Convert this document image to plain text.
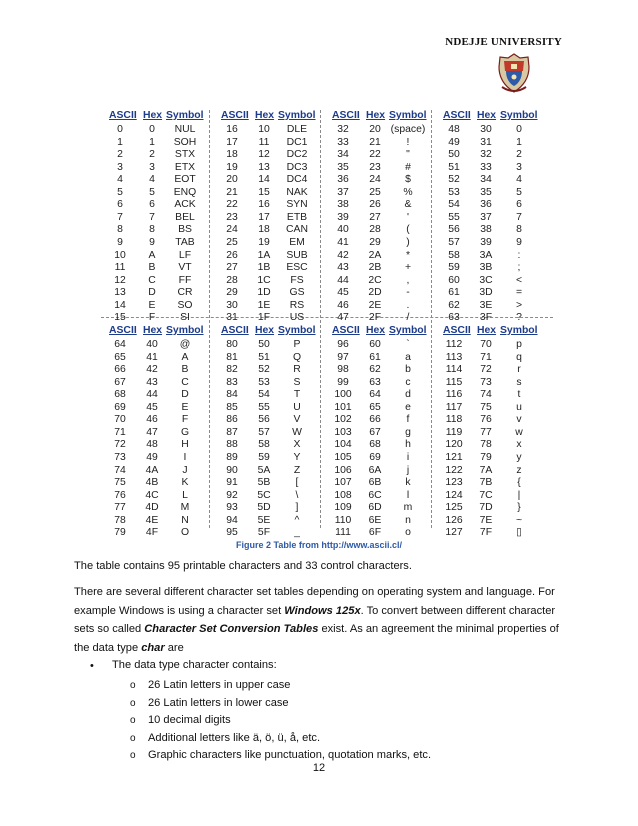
NDEJJE UNIVERSITY
ASCII Hex Symbol
0	0	NUL
1	1	SOH
2	2	STX
3	3	ETX
4	4	EOT
5	5	ENQ
6	6	ACK
7	7	BEL
8	8	BS
9	9	TAB
10	A	LF
11	B	VT
12	C	FF
13	D	CR
14	E	SO
15	F	SI
ASCII Hex Symbol
16	10	DLE
17	11	DC1
18	12	DC2
19	13	DC3
20	14	DC4
21	15	NAK
22	16	SYN
23	17	ETB
24	18	CAN
25	19	EM
26	1A	SUB
27	1B	ESC
28	1C	FS
29	1D	GS
30	1E	RS
31	1F	US
ASCII Hex Symbol
32	20 (space)
33	21	!
34	22	"
35	23	#
36	24	$
37	25	%
38	26	&
39	27	'
40	28	(
41	29	)
42	2A	*
43	2B	+
44	2C	,
45	2D	-
46	2E	.
47	2F	/
ASCII Hex Symbol
48	30	0
49	31	1
50	32	2
51	33	3
52	34	4
53	35	5
54	36	6
55	37	7
56	38	8
57	39	9
58	3A	:
59	3B	;
60	3C	<
61	3D	=
62	3E	>
63	3F	?
ASCII Hex Symbol
64	40	@
65	41	A
66	42	B
67	43	C
68	44	D
69	45	E
70	46	F
71	47	G
72	48	H
73	49	I
74	4A	J
75	4B	K
76	4C	L
77	4D	M
78	4E	N
79	4F	O
ASCII Hex Symbol
80	50	P
81	51	Q
82	52	R
83	53	S
84	54	T
85	55	U
86	56	V
87	57	W
88	58	X
89	59	Y
90	5A	Z
91	5B	[
92	5C	\
93	5D	]
94	5E	^
95	5F	_
ASCII Hex Symbol
96	60	`
97	61	a
98	62	b
99	63	c
100	64	d
101	65	e
102	66	f
103	67	g
104	68	h
105	69	i
106	6A	j
107	6B	k
108	6C	l
109	6D	m
110	6E	n
111	6F	o
ASCII Hex Symbol
112	70	p
113	71	q
114	72	r
115	73	s
116	74	t
117	75	u
118	76	v
119	77	w
120	78	x
121	79	y
122	7A	z
123	7B	{
124	7C	|
125	7D	}
126	7E	~
127	7F	▯
Figure 2 Table from http://www.ascii.cl/
The table contains 95 printable characters and 33 control characters.
There are several different character set tables depending on operating system and language. For example Windows is using a character set Windows 125x. To convert between different character sets so called Character Set Conversion Tables exist. As an agreement the minimal properties of the data type char are
• The data type character contains:
o 26 Latin letters in upper case
o 26 Latin letters in lower case
o 10 decimal digits
o Additional letters like ä, ö, ü, å, etc.
o Graphic characters like punctuation, quotation marks, etc.
12
